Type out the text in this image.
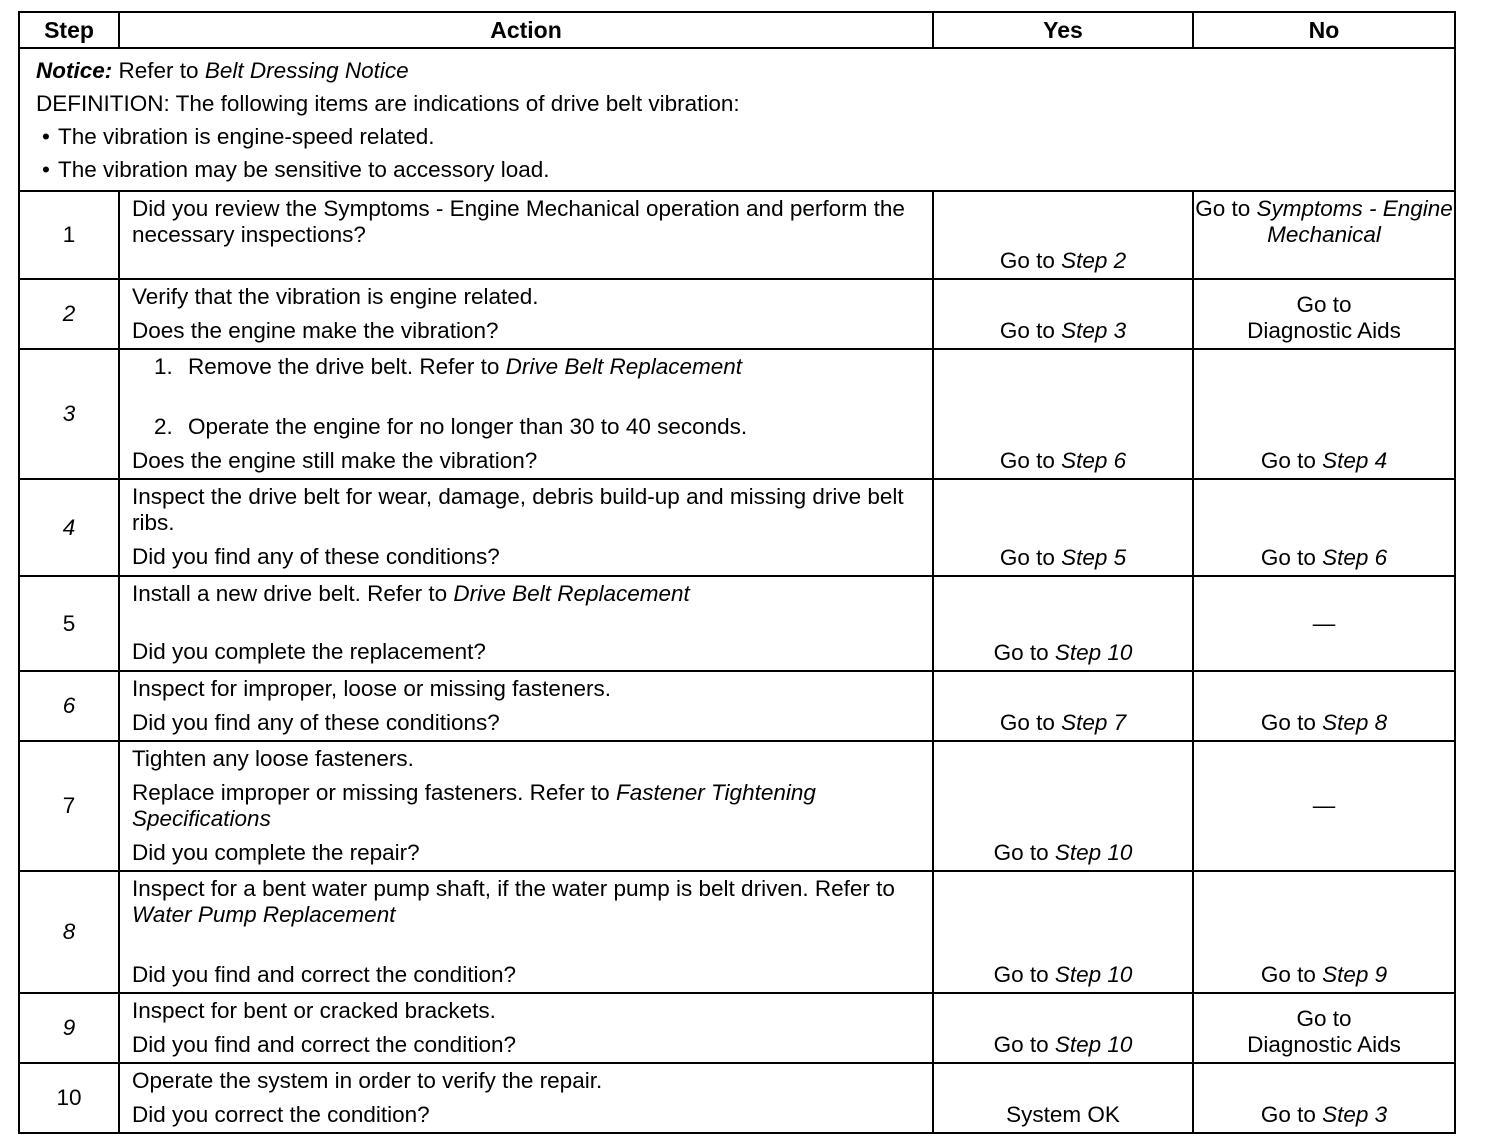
Step	Action	Yes	No

Notice: Refer to Belt Dressing Notice
DEFINITION: The following items are indications of drive belt vibration:
• The vibration is engine-speed related.
• The vibration may be sensitive to accessory load.

1	Did you review the Symptoms - Engine Mechanical operation and perform the necessary inspections?	Go to Step 2	Go to Symptoms - Engine Mechanical
2	Verify that the vibration is engine related.
Does the engine make the vibration?	Go to Step 3	Go to
Diagnostic Aids

3	1. Remove the drive belt. Refer to Drive Belt Replacement
2. Operate the engine for no longer than 30 to 40 seconds.
Does the engine still make the vibration?	Go to Step 6	Go to Step 4
4	Inspect the drive belt for wear, damage, debris build-up and missing drive belt ribs.
Did you find any of these conditions?	Go to Step 5	Go to Step 6
5	Install a new drive belt. Refer to Drive Belt Replacement
Did you complete the replacement?	Go to Step 10	—
6	Inspect for improper, loose or missing fasteners.
Did you find any of these conditions?	Go to Step 7	Go to Step 8
7	Tighten any loose fasteners.
Replace improper or missing fasteners. Refer to Fastener Tightening Specifications
Did you complete the repair?	Go to Step 10	—
8	Inspect for a bent water pump shaft, if the water pump is belt driven. Refer to Water Pump Replacement
Did you find and correct the condition?	Go to Step 10	Go to Step 9
9	Inspect for bent or cracked brackets.
Did you find and correct the condition?	Go to Step 10	Go to
Diagnostic Aids

10	Operate the system in order to verify the repair.
Did you correct the condition?	System OK	Go to Step 3
